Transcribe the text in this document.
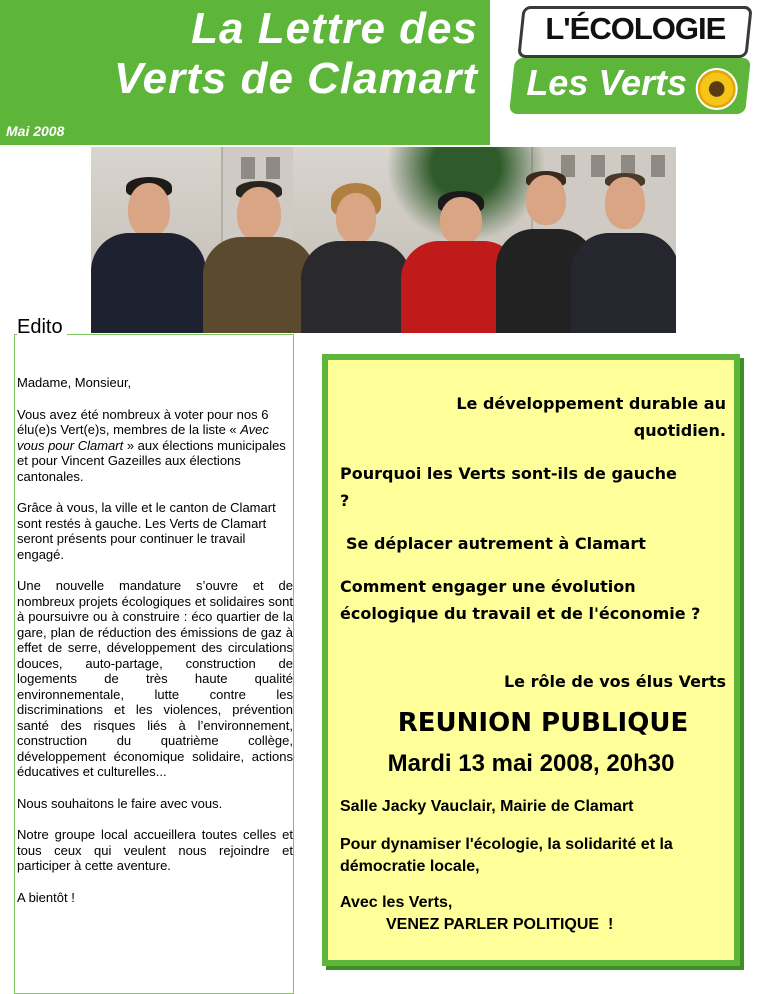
La Lettre des
Verts de Clamart
Mai 2008
L'ÉCOLOGIE
Les Verts
Edito

Madame, Monsieur,

Vous avez été nombreux à voter pour nos 6 élu(e)s Vert(e)s, membres de la liste « Avec vous pour Clamart » aux élections municipales et pour Vincent Gazeilles aux élections cantonales.

Grâce à vous, la ville et le canton de Clamart sont restés à gauche. Les Verts de Clamart seront présents pour continuer le travail engagé.

Une nouvelle mandature s’ouvre et de nombreux projets écologiques et solidaires sont à poursuivre ou à construire : éco quartier de la gare, plan de réduction des émissions de gaz à effet de serre, développement des circulations douces, auto-partage, construction de logements de très haute qualité environnementale, lutte contre les discriminations et les violences, prévention santé des risques liés à l’environnement, construction du quatrième collège, développement économique solidaire, actions éducatives et culturelles...

Nous souhaitons le faire avec vous.

Notre groupe local accueillera toutes celles et tous ceux qui veulent nous rejoindre et participer à cette aventure.

A bientôt !

Le développement durable au quotidien.
Pourquoi les Verts sont-ils de gauche ?
Se déplacer autrement à Clamart
Comment engager une évolution écologique du travail et de l'économie ?
Le rôle de vos élus Verts
REUNION PUBLIQUE
Mardi 13 mai 2008, 20h30
Salle Jacky Vauclair, Mairie de Clamart
Pour dynamiser l'écologie, la solidarité et la démocratie locale,
Avec les Verts,
VENEZ PARLER POLITIQUE  !
